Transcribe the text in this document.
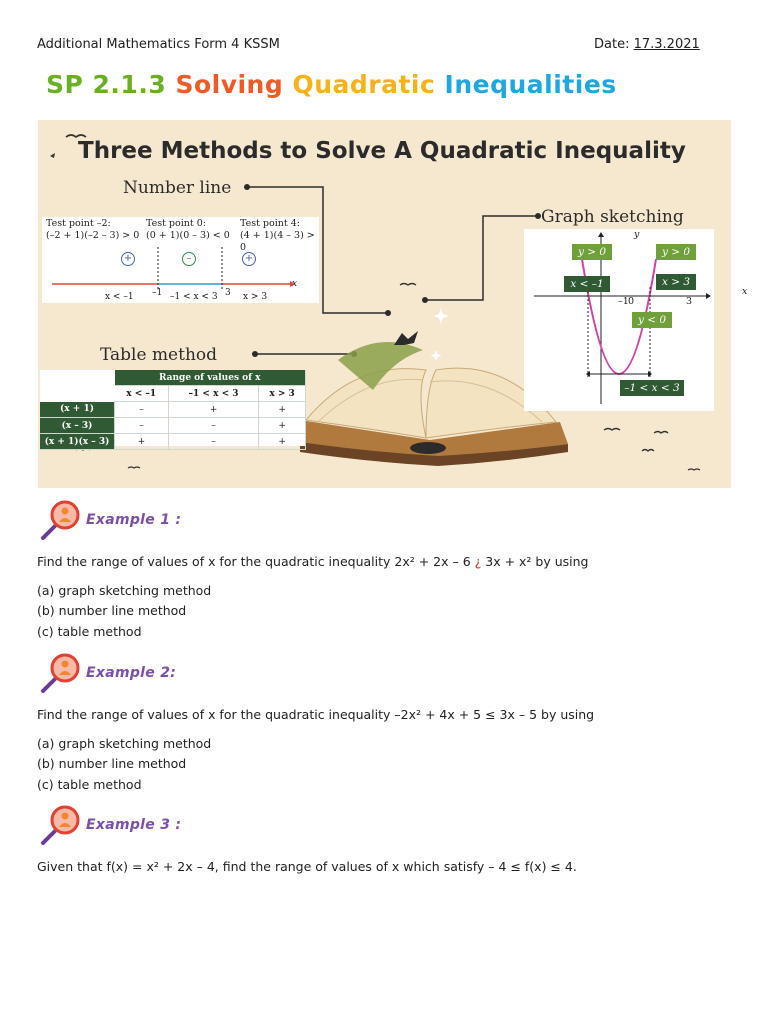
Additional Mathematics Form 4 KSSM	Date: 17.3.2021
SP 2.1.3 Solving Quadratic Inequalities
Three Methods to Solve A Quadratic Inequality
Number line
Graph sketching
Table method
Test point –2:
(–2 + 1)(–2 – 3) > 0
Test point 0:
(0 + 1)(0 – 3) < 0
Test point 4:
(4 + 1)(4 – 3) > 0
+	–	+
–1	3
x
x < –1	–1 < x < 3	x > 3
y > 0	y > 0
x < –1	x > 3
y < 0
–1 < x < 3
–1 0	3
x
y
	Range of values of x		
	x < –1	–1 < x < 3	x > 3
(x + 1)	–	+	+
(x – 3)	–	–	+
(x + 1)(x – 3)	+	–	+
Example 1 :
Find the range of values of x for the quadratic inequality 2x² + 2x – 6 ¿ 3x + x² by using
(a) graph sketching method
(b) number line method
(c) table method
Example 2:
Find the range of values of x for the quadratic inequality –2x² + 4x + 5 ≤ 3x – 5 by using
(a) graph sketching method
(b) number line method
(c) table method
Example 3 :
Given that f(x) = x² + 2x – 4, find the range of values of x which satisfy – 4 ≤ f(x) ≤ 4.
